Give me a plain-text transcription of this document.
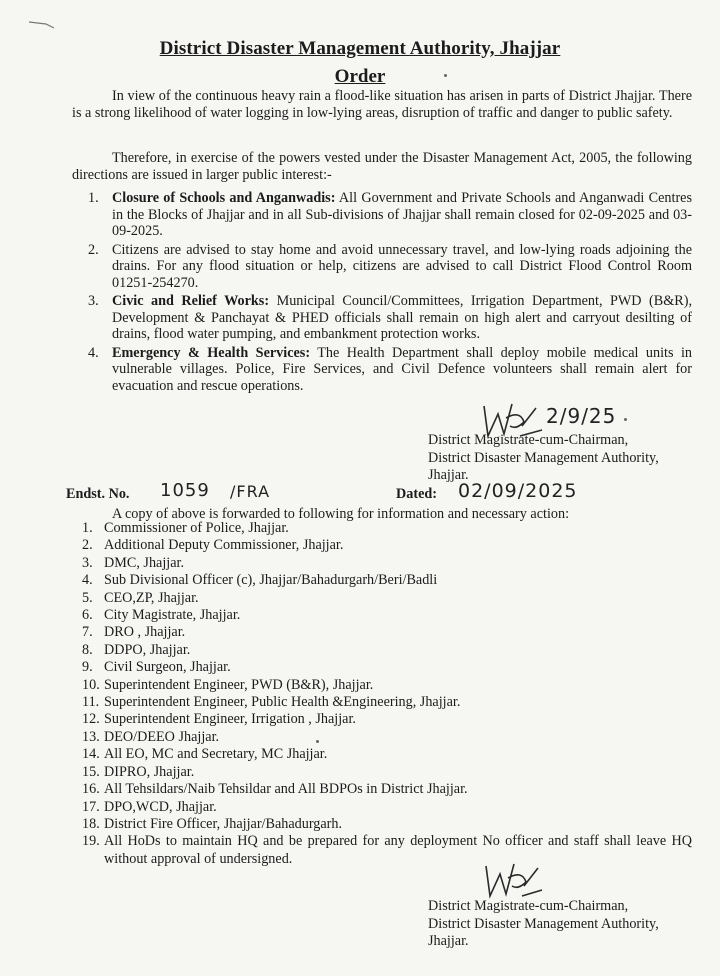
District Disaster Management Authority, Jhajjar
Order
In view of the continuous heavy rain a flood-like situation has arisen in parts of District Jhajjar. There is a strong likelihood of water logging in low-lying areas, disruption of traffic and danger to public safety.
Therefore, in exercise of the powers vested under the Disaster Management Act, 2005, the following directions are issued in larger public interest:-
1. Closure of Schools and Anganwadis: All Government and Private Schools and Anganwadi Centres in the Blocks of Jhajjar and in all Sub-divisions of Jhajjar shall remain closed for 02-09-2025 and 03-09-2025.
2. Citizens are advised to stay home and avoid unnecessary travel, and low-lying roads adjoining the drains. For any flood situation or help, citizens are advised to call District Flood Control Room 01251-254270.
3. Civic and Relief Works: Municipal Council/Committees, Irrigation Department, PWD (B&R), Development & Panchayat & PHED officials shall remain on high alert and carryout desilting of drains, flood water pumping, and embankment protection works.
4. Emergency & Health Services: The Health Department shall deploy mobile medical units in vulnerable villages. Police, Fire Services, and Civil Defence volunteers shall remain alert for evacuation and rescue operations.
2/9/25
District Magistrate-cum-Chairman,
District Disaster Management Authority,
Jhajjar.
Endst. No. 1059 /FRA	Dated: 02/09/2025
A copy of above is forwarded to following for information and necessary action:
1. Commissioner of Police, Jhajjar.
2. Additional Deputy Commissioner, Jhajjar.
3. DMC, Jhajjar.
4. Sub Divisional Officer (c), Jhajjar/Bahadurgarh/Beri/Badli
5. CEO,ZP, Jhajjar.
6. City Magistrate, Jhajjar.
7. DRO , Jhajjar.
8. DDPO, Jhajjar.
9. Civil Surgeon, Jhajjar.
10. Superintendent Engineer, PWD (B&R), Jhajjar.
11. Superintendent Engineer, Public Health &Engineering, Jhajjar.
12. Superintendent Engineer, Irrigation , Jhajjar.
13. DEO/DEEO Jhajjar.
14. All EO, MC and Secretary, MC Jhajjar.
15. DIPRO, Jhajjar.
16. All Tehsildars/Naib Tehsildar and All BDPOs in District Jhajjar.
17. DPO,WCD, Jhajjar.
18. District Fire Officer, Jhajjar/Bahadurgarh.
19. All HoDs to maintain HQ and be prepared for any deployment No officer and staff shall leave HQ without approval of undersigned.
District Magistrate-cum-Chairman,
District Disaster Management Authority,
Jhajjar.
